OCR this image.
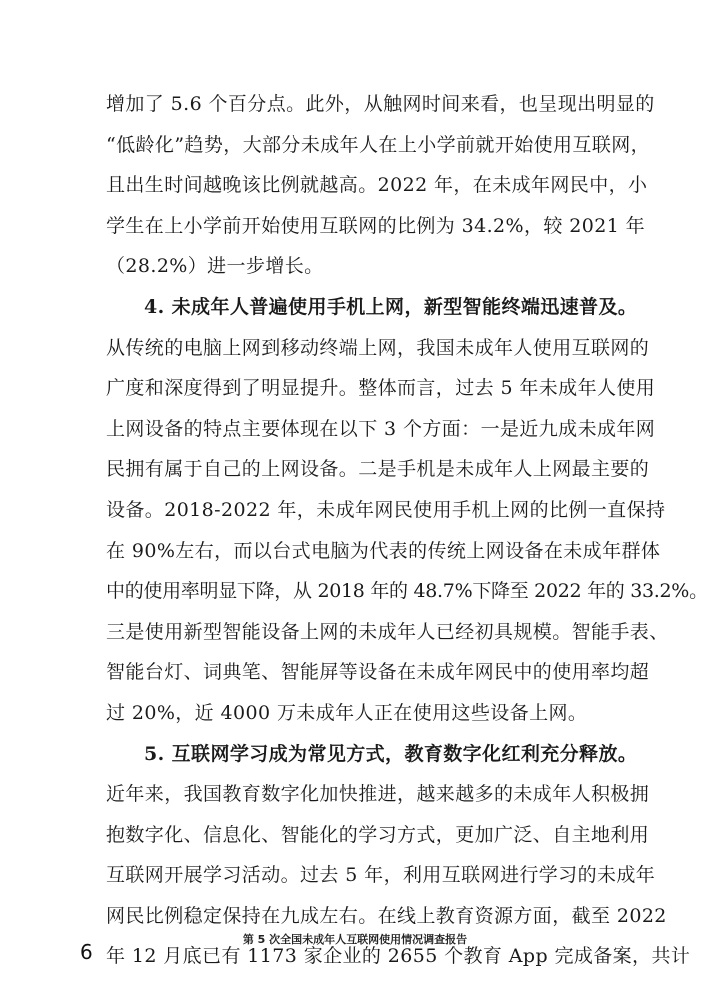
增加了 5.6 个百分点。此外，从触网时间来看，也呈现出明显的
“低龄化”趋势，大部分未成年人在上小学前就开始使用互联网，
且出生时间越晚该比例就越高。2022 年，在未成年网民中，小
学生在上小学前开始使用互联网的比例为 34.2%，较 2021 年
（28.2%）进一步增长。
4. 未成年人普遍使用手机上网，新型智能终端迅速普及。
从传统的电脑上网到移动终端上网，我国未成年人使用互联网的
广度和深度得到了明显提升。整体而言，过去 5 年未成年人使用
上网设备的特点主要体现在以下 3 个方面：一是近九成未成年网
民拥有属于自己的上网设备。二是手机是未成年人上网最主要的
设备。2018-2022 年，未成年网民使用手机上网的比例一直保持
在 90%左右，而以台式电脑为代表的传统上网设备在未成年群体
中的使用率明显下降，从 2018 年的 48.7%下降至 2022 年的 33.2%。
三是使用新型智能设备上网的未成年人已经初具规模。智能手表、
智能台灯、词典笔、智能屏等设备在未成年网民中的使用率均超
过 20%，近 4000 万未成年人正在使用这些设备上网。
5. 互联网学习成为常见方式，教育数字化红利充分释放。
近年来，我国教育数字化加快推进，越来越多的未成年人积极拥
抱数字化、信息化、智能化的学习方式，更加广泛、自主地利用
互联网开展学习活动。过去 5 年，利用互联网进行学习的未成年
网民比例稳定保持在九成左右。在线上教育资源方面，截至 2022
年 12 月底已有 1173 家企业的 2655 个教育 App 完成备案，共计
第 5 次全国未成年人互联网使用情况调查报告
6
